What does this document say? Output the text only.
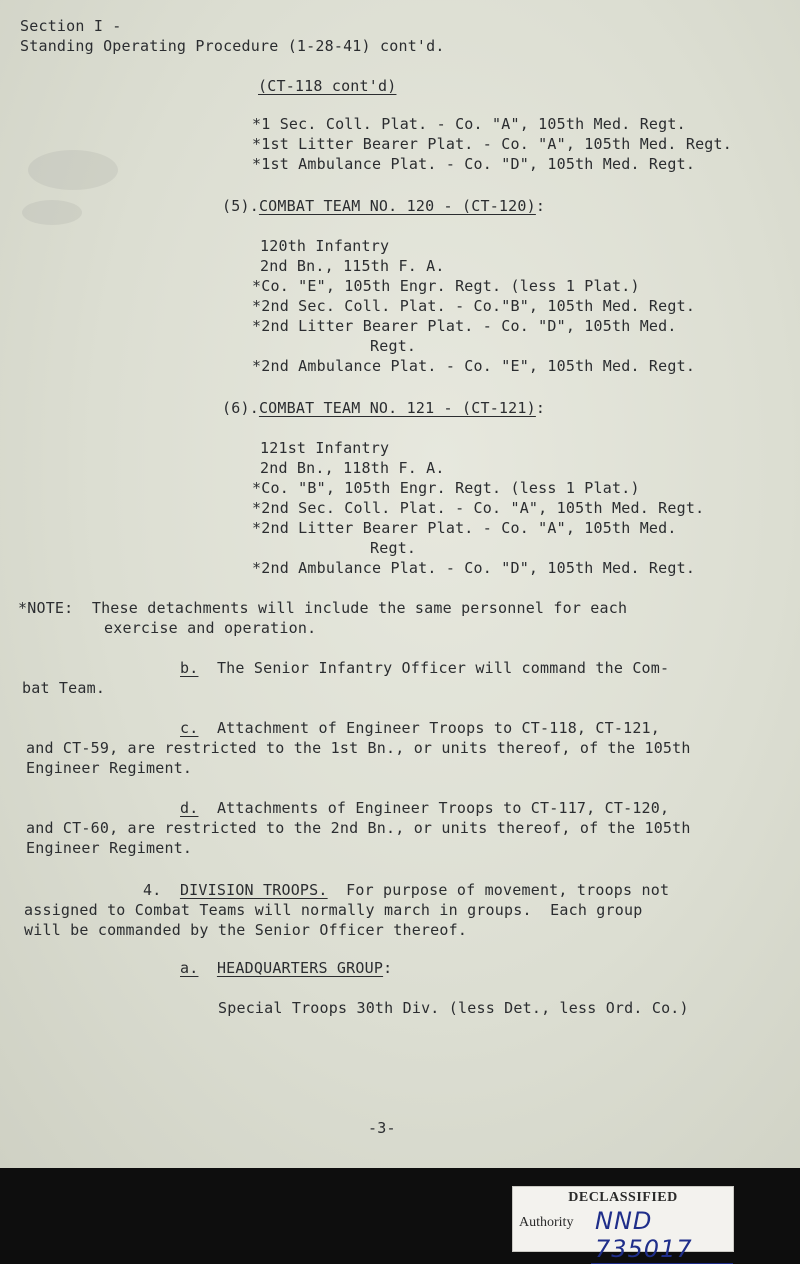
Section I -
Standing Operating Procedure (1-28-41) cont'd.
(CT-118 cont'd)
*1 Sec. Coll. Plat. - Co. "A", 105th Med. Regt.
*1st Litter Bearer Plat. - Co. "A", 105th Med. Regt.
*1st Ambulance Plat. - Co. "D", 105th Med. Regt.
(5).COMBAT TEAM NO. 120 - (CT-120):
120th Infantry
2nd Bn., 115th F. A.
*Co. "E", 105th Engr. Regt. (less 1 Plat.)
*2nd Sec. Coll. Plat. - Co."B", 105th Med. Regt.
*2nd Litter Bearer Plat. - Co. "D", 105th Med.
Regt.
*2nd Ambulance Plat. - Co. "E", 105th Med. Regt.
(6).COMBAT TEAM NO. 121 - (CT-121):
121st Infantry
2nd Bn., 118th F. A.
*Co. "B", 105th Engr. Regt. (less 1 Plat.)
*2nd Sec. Coll. Plat. - Co. "A", 105th Med. Regt.
*2nd Litter Bearer Plat. - Co. "A", 105th Med.
Regt.
*2nd Ambulance Plat. - Co. "D", 105th Med. Regt.
*NOTE:  These detachments will include the same personnel for each
exercise and operation.
b. The Senior Infantry Officer will command the Com-
bat Team.
c. Attachment of Engineer Troops to CT-118, CT-121,
and CT-59, are restricted to the 1st Bn., or units thereof, of the 105th
Engineer Regiment.
d. Attachments of Engineer Troops to CT-117, CT-120,
and CT-60, are restricted to the 2nd Bn., or units thereof, of the 105th
Engineer Regiment.
4. DIVISION TROOPS. For purpose of movement, troops not
assigned to Combat Teams will normally march in groups.  Each group
will be commanded by the Senior Officer thereof.
a. HEADQUARTERS GROUP:
Special Troops 30th Div. (less Det., less Ord. Co.)
-3-
DECLASSIFIED
Authority NND 735017
